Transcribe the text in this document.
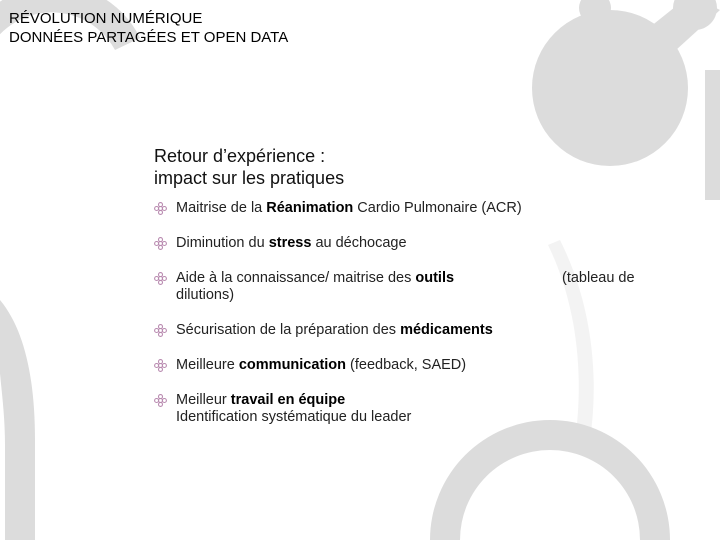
RÉVOLUTION NUMÉRIQUE
DONNÉES PARTAGÉES ET OPEN DATA
Retour d’expérience :
impact sur les pratiques
Maitrise de la Réanimation Cardio Pulmonaire (ACR)
Diminution du stress au déchocage
Aide à la connaissance/ maitrise des outils	(tableau de
dilutions)
Sécurisation de la préparation des médicaments
Meilleure communication (feedback, SAED)
Meilleur travail en équipe
Identification systématique du leader
